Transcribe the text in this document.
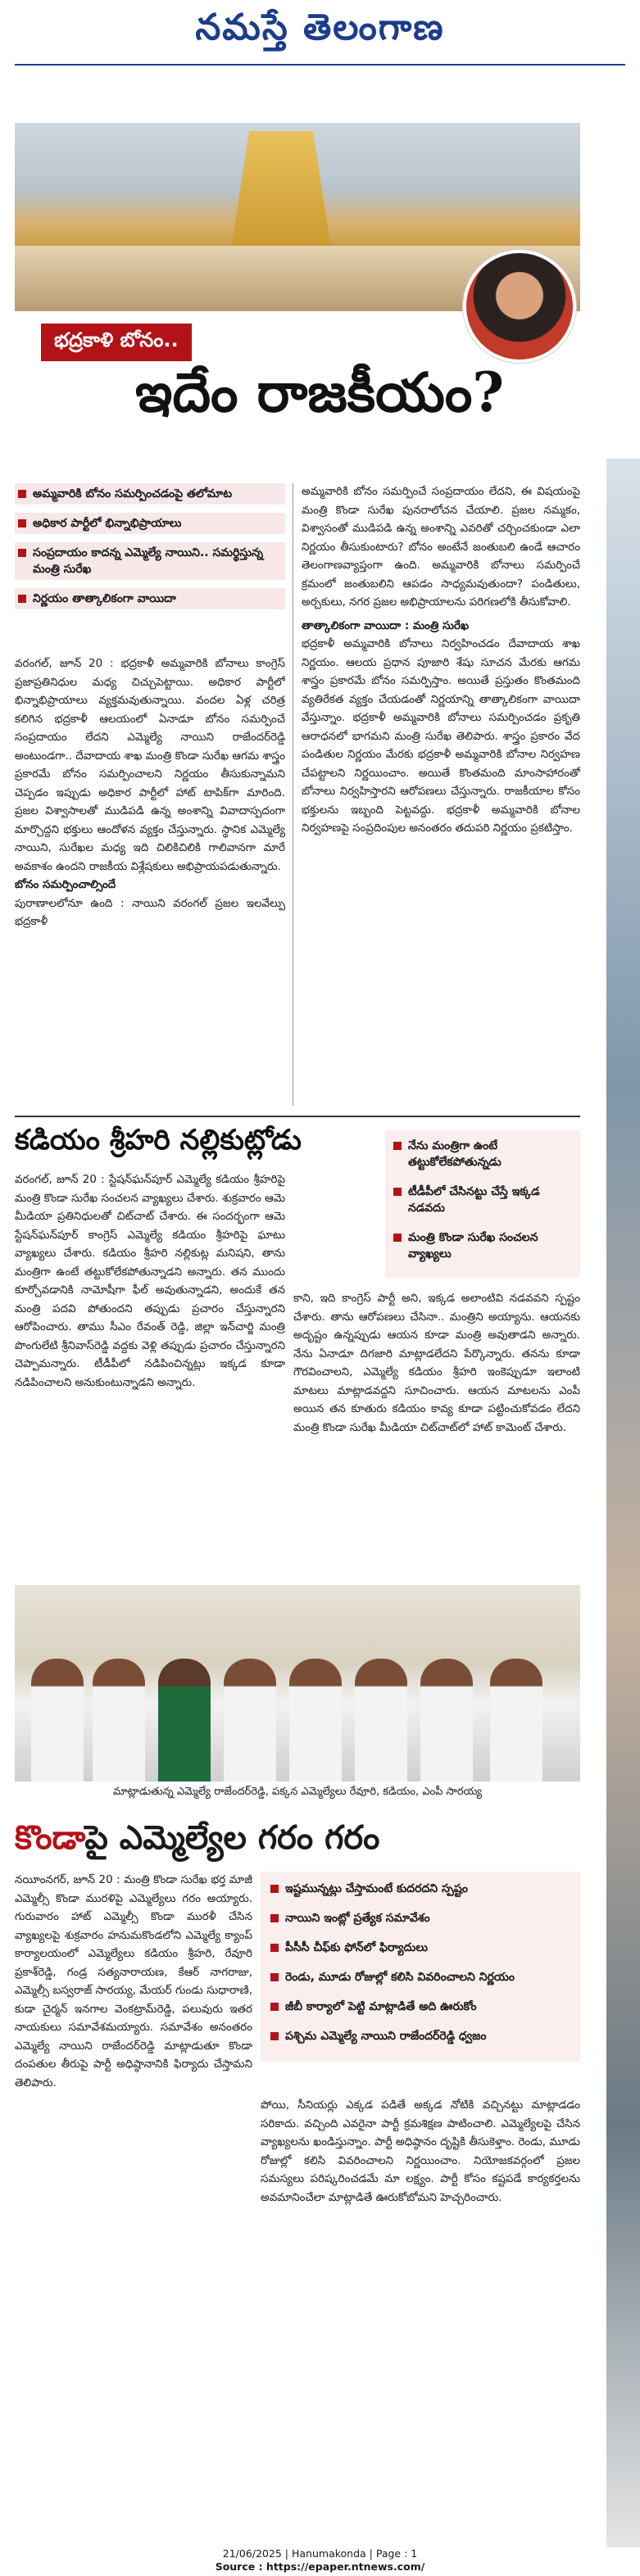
నమస్తే తెలంగాణ
భద్రకాళి బోనం..
ఇదేం రాజకీయం?
అమ్మవారికి బోనం సమర్పించడంపై తలోమాట
అధికార పార్టీలో భిన్నాభిప్రాయాలు
సంప్రదాయం కాదన్న ఎమ్మెల్యే నాయిని.. సమర్థిస్తున్న మంత్రి సురేఖ
నిర్ణయం తాత్కాలికంగా వాయిదా
వరంగల్, జూన్ 20 : భద్రకాళీ అమ్మవారికి బోనాలు కాంగ్రెస్ ప్రజాప్రతినిధుల మధ్య చిచ్చుపెట్టాయి. అధికార పార్టీలో భిన్నాభిప్రాయాలు వ్యక్తమవుతున్నాయి. వందల ఏళ్ల చరిత్ర కలిగిన భద్రకాళీ ఆలయంలో ఏనాడూ బోనం సమర్పించే సంప్రదాయం లేదని ఎమ్మెల్యే నాయిని రాజేందర్‌రెడ్డి అంటుండగా.. దేవాదాయ శాఖ మంత్రి కొండా సురేఖ ఆగమ శాస్త్రం ప్రకారమే బోనం సమర్పించాలని నిర్ణయం తీసుకున్నామని చెప్పడం ఇప్పుడు అధికార పార్టీలో హాట్ టాపిక్‌గా మారింది. ప్రజల విశ్వాసాలతో ముడిపడి ఉన్న అంశాన్ని వివాదాస్పదంగా మార్చొద్దని భక్తులు ఆందోళన వ్యక్తం చేస్తున్నారు. స్థానిక ఎమ్మెల్యే నాయిని, సురేఖల మధ్య ఇది చిలికిచిలికి గాలివానగా మారే అవకాశం ఉందని రాజకీయ విశ్లేషకులు అభిప్రాయపడుతున్నారు.
బోనం సమర్పించాల్సిందే
పురాణాలలోనూ ఉంది : నాయిని వరంగల్ ప్రజల ఇలవేల్పు భద్రకాళీ
అమ్మవారికి బోనం సమర్పించే సంప్రదాయం లేదని, ఈ విషయంపై మంత్రి కొండా సురేఖ పునరాలోచన చేయాలి. ప్రజల నమ్మకం, విశ్వాసంతో ముడిపడి ఉన్న అంశాన్ని ఎవరితో చర్చించకుండా ఎలా నిర్ణయం తీసుకుంటారు? బోనం అంటేనే జంతుబలి ఉండే ఆచారం తెలంగాణవ్యాప్తంగా ఉంది. అమ్మవారికి బోనాలు సమర్పించే క్రమంలో జంతుబలిని ఆపడం సాధ్యమవుతుందా? పండితులు, అర్చకులు, నగర ప్రజల అభిప్రాయాలను పరిగణలోకి తీసుకోవాలి.
తాత్కాలికంగా వాయిదా : మంత్రి సురేఖ
భద్రకాళీ అమ్మవారికి బోనాలు నిర్వహించడం దేవాదాయ శాఖ నిర్ణయం. ఆలయ ప్రధాన పూజారి శేషు సూచన మేరకు ఆగమ శాస్త్రం ప్రకారమే బోనం సమర్పిస్తాం. అయితే ప్రస్తుతం కొంతమంది వ్యతిరేకత వ్యక్తం చేయడంతో నిర్ణయాన్ని తాత్కాలికంగా వాయిదా వేస్తున్నాం. భద్రకాళీ అమ్మవారికి బోనాలు సమర్పించడం ప్రకృతి ఆరాధనలో భాగమని మంత్రి సురేఖ తెలిపారు. శాస్త్రం ప్రకారం వేద పండితుల నిర్ణయం మేరకు భద్రకాళీ అమ్మవారికి బోనాల నిర్వహణ చేపట్టాలని నిర్ణయించాం. అయితే కొంతమంది మాంసాహారంతో బోనాలు నిర్వహిస్తారని ఆరోపణలు చేస్తున్నారు. రాజకీయాల కోసం భక్తులను ఇబ్బంది పెట్టవద్దు. భద్రకాళీ అమ్మవారికి బోనాల నిర్వహణపై సంప్రదింపుల అనంతరం తదుపరి నిర్ణయం ప్రకటిస్తాం.
కడియం శ్రీహరి నల్లికుట్లోడు
వరంగల్, జూన్ 20 : స్టేషన్‌ఘన్‌పూర్ ఎమ్మెల్యే కడియం శ్రీహరిపై మంత్రి కొండా సురేఖ సంచలన వ్యాఖ్యలు చేశారు. శుక్రవారం ఆమె మీడియా ప్రతినిధులతో చిట్‌చాట్ చేశారు. ఈ సందర్భంగా ఆమె స్టేషన్‌ఘన్‌పూర్ కాంగ్రెస్ ఎమ్మెల్యే కడియం శ్రీహరిపై ఘాటు వ్యాఖ్యలు చేశారు. కడియం శ్రీహరి నల్లికుట్ల మనిషని, తాను మంత్రిగా ఉంటే తట్టుకోలేకపోతున్నాడని అన్నారు. తన ముందు కూర్చోవడానికి నామోషీగా ఫీల్ అవుతున్నాడని, అందుకే తన మంత్రి పదవి పోతుందని తప్పుడు ప్రచారం చేస్తున్నారని ఆరోపించారు. తాము సీఎం రేవంత్ రెడ్డి, జిల్లా ఇన్‌చార్జి మంత్రి పొంగులేటి శ్రీనివాస్‌రెడ్డి వద్దకు వెళ్లి తప్పుడు ప్రచారం చేస్తున్నారని చెప్పామన్నారు. టీడీపీలో నడిపించిన్నట్లు ఇక్కడ కూడా నడిపించాలని అనుకుంటున్నాడని అన్నారు.
నేను మంత్రిగా ఉంటే తట్టుకోలేకపోతున్నడు
టీడీపీలో చేసినట్టు చేస్తే ఇక్కడ నడవదు
మంత్రి కొండా సురేఖ సంచలన వ్యాఖ్యలు
కాని, ఇది కాంగ్రెస్ పార్టీ అని, ఇక్కడ అలాంటివి నడవవని స్పష్టం చేశారు. తాను ఆరోపణలు చేసినా.. మంత్రిని అయ్యాను. ఆయనకు అదృష్టం ఉన్నప్పుడు ఆయన కూడా మంత్రి అవుతాడని అన్నారు. నేను ఏనాడూ దిగజారి మాట్లాడలేదని పేర్కొన్నారు. తనను కూడా గౌరవించాలని, ఎమ్మెల్యే కడియం శ్రీహరి ఇంకెప్పుడూ ఇలాంటి మాటలు మాట్లాడవద్దని సూచించారు. ఆయన మాటలను ఎంపీ అయిన తన కూతురు కడియం కావ్య కూడా పట్టించుకోవడం లేదని మంత్రి కొండా సురేఖ మీడియా చిట్‌చాట్‌లో హాట్ కామెంట్ చేశారు.
మాట్లాడుతున్న ఎమ్మెల్యే రాజేందర్‌రెడ్డి, పక్కన ఎమ్మెల్యేలు రేవూరి, కడియం, ఎంపీ సారయ్య
కొండాపై ఎమ్మెల్యేల గరం గరం
నయీంనగర్, జూన్ 20 : మంత్రి కొండా సురేఖ భర్త మాజీ ఎమ్మెల్సీ కొండా మురళిపై ఎమ్మెల్యేలు గరం అయ్యారు. గురువారం హాట్ ఎమ్మెల్సీ కొండా మురళీ చేసిన వ్యాఖ్యలపై శుక్రవారం హనుమకొండలోని ఎమ్మెల్యే క్యాంప్ కార్యాలయంలో ఎమ్మెల్యేలు కడియం శ్రీహరి, రేవూరి ప్రకాశ్‌రెడ్డి, గండ్ర సత్యనారాయణ, కేఆర్ నాగరాజు, ఎమ్మెల్సీ బస్వరాజ్ సారయ్య, మేయర్ గుండు సుధారాణి, కుడా చైర్మన్ ఇనగాల వెంకట్రామ్‌రెడ్డి, పలువురు ఇతర నాయకులు సమావేశమయ్యారు. సమావేశం అనంతరం ఎమ్మెల్యే నాయిని రాజేందర్‌రెడ్డి మాట్లాడుతూ కొండా దంపతుల తీరుపై పార్టీ అధిష్ఠానానికి ఫిర్యాదు చేస్తామని తెలిపారు.
ఇష్టమున్నట్లు చేస్తామంటే కుదరదని స్పష్టం
నాయిని ఇంట్లో ప్రత్యేక సమావేశం
పీసీసీ చీఫ్‌కు ఫోన్‌లో ఫిర్యాదులు
రెండు, మూడు రోజుల్లో కలిసి వివరించాలని నిర్ణయం
జీబీ కార్యాలో పెట్టి మాట్లాడితే అది ఊరుకోం
పశ్చిమ ఎమ్మెల్యే నాయిని రాజేందర్‌రెడ్డి ధ్వజం
పోయి, సీనియర్లు ఎక్కడ పడితే అక్కడ నోటికి వచ్చినట్టు మాట్లాడడం సరికాదు. వచ్చింది ఎవరైనా పార్టీ క్రమశిక్షణ పాటించాలి. ఎమ్మెల్యేలపై చేసిన వ్యాఖ్యలను ఖండిస్తున్నాం. పార్టీ అధిష్ఠానం దృష్టికి తీసుకెళ్తాం. రెండు, మూడు రోజుల్లో కలిసి వివరించాలని నిర్ణయించాం. నియోజకవర్గంలో ప్రజల సమస్యలు పరిష్కరించడమే మా లక్ష్యం. పార్టీ కోసం కష్టపడే కార్యకర్తలను అవమానించేలా మాట్లాడితే ఊరుకోబోమని హెచ్చరించారు.
21/06/2025 | Hanumakonda | Page : 1
Source : https://epaper.ntnews.com/
